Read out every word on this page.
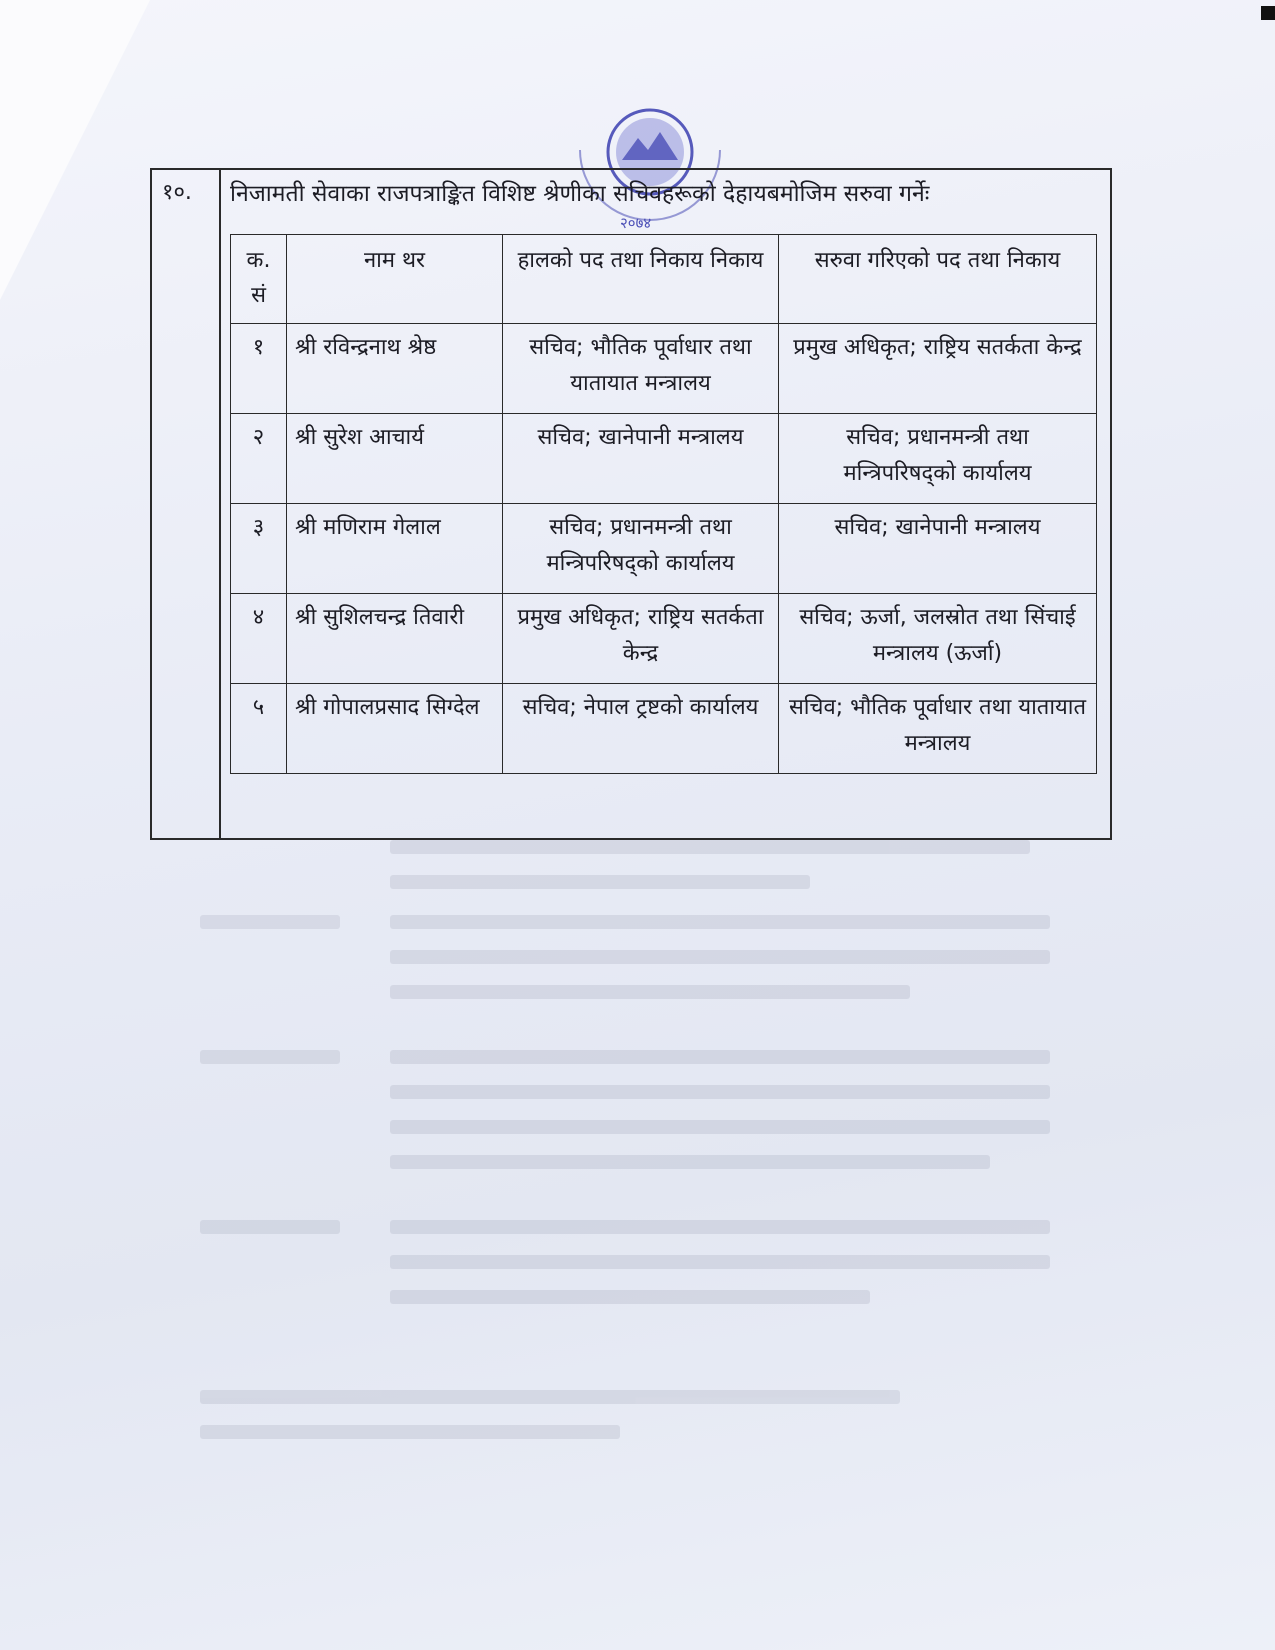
२०७४
१०. निजामती सेवाका राजपत्राङ्कित विशिष्ट श्रेणीका सचिवहरूको देहायबमोजिम सरुवा गर्नेः
क. सं	नाम थर	हालको पद तथा निकाय निकाय	सरुवा गरिएको पद तथा निकाय
१	श्री रविन्द्रनाथ श्रेष्ठ	सचिव; भौतिक पूर्वाधार तथा यातायात मन्त्रालय	प्रमुख अधिकृत; राष्ट्रिय सतर्कता केन्द्र
२	श्री सुरेश आचार्य	सचिव; खानेपानी मन्त्रालय	सचिव; प्रधानमन्त्री तथा मन्त्रिपरिषद्को कार्यालय
३	श्री मणिराम गेलाल	सचिव; प्रधानमन्त्री तथा मन्त्रिपरिषद्को कार्यालय	सचिव; खानेपानी मन्त्रालय
४	श्री सुशिलचन्द्र तिवारी	प्रमुख अधिकृत; राष्ट्रिय सतर्कता केन्द्र	सचिव; ऊर्जा, जलस्रोत तथा सिंचाई मन्त्रालय (ऊर्जा)
५	श्री गोपालप्रसाद सिग्देल	सचिव; नेपाल ट्रष्टको कार्यालय	सचिव; भौतिक पूर्वाधार तथा यातायात मन्त्रालय
